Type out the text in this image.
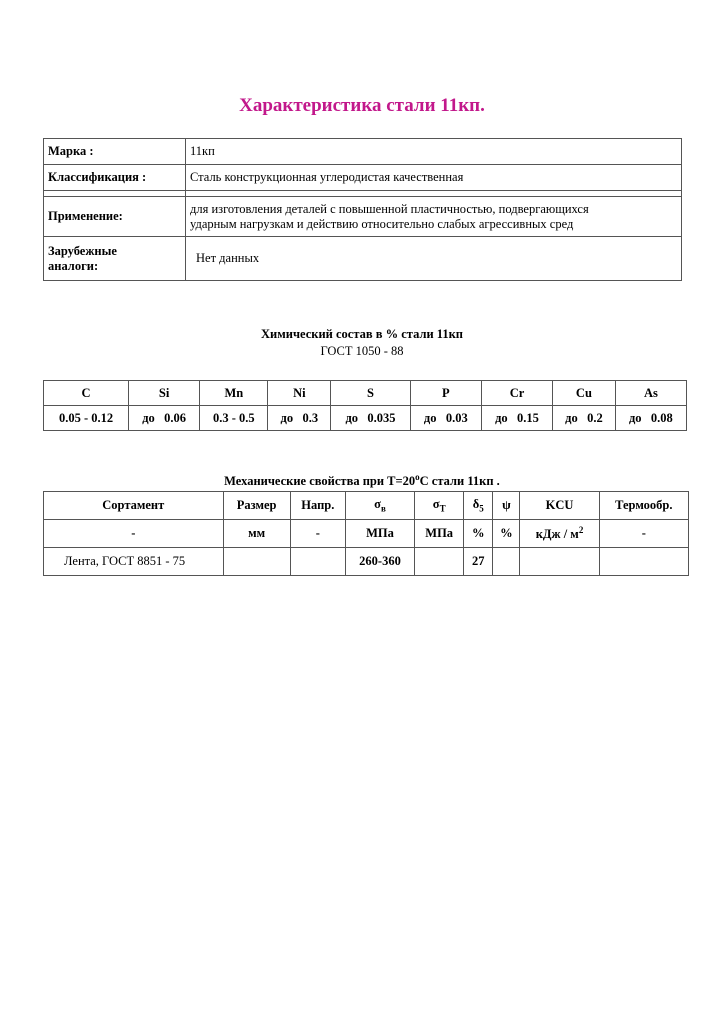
Характеристика стали 11кп.
Марка :	11кп
Классификация :	Сталь конструкционная углеродистая качественная

Применение:	для изготовления деталей с повышенной пластичностью, подвергающихся
ударным нагрузкам и действию относительно слабых агрессивных сред

Зарубежные
аналоги:	Нет данных
Химический состав в % стали 11кп
ГОСТ 1050 - 88
C	Si	Mn	Ni	S	P	Cr	Cu	As
0.05 - 0.12	до   0.06	0.3 - 0.5	до   0.3	до   0.035	до   0.03	до   0.15	до   0.2	до   0.08
Механические свойства при $Т=20^oС$ стали 11кп .
Сортамент	Размер	Напр.	$\sigma_в$	$\sigma_T$	$\delta_5$	ψ	KCU	Термообр.
-	мм	-	МПа	МПа	%	%	кДж / $м^2$	-
Лента, ГОСТ 8851 - 75			260-360		27			
